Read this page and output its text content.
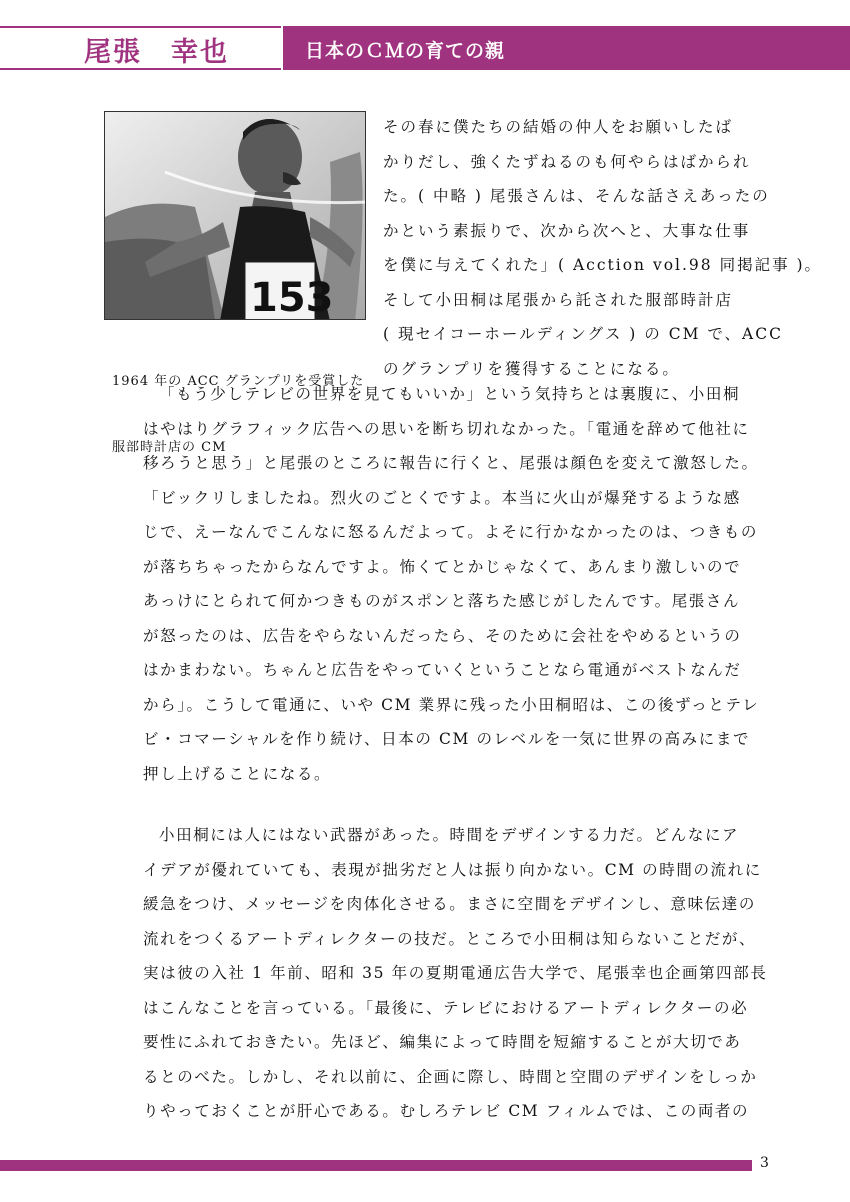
尾張　幸也	日本のＣＭの育ての親
153

1964 年の ACC グランプリを受賞した

服部時計店の CM

その春に僕たちの結婚の仲人をお願いしたば
かりだし、強くたずねるのも何やらはばかられ
た。( 中略 ) 尾張さんは、そんな話さえあったの
かという素振りで、次から次へと、大事な仕事
を僕に与えてくれた」( Acction vol.98 同掲記事 )。
そして小田桐は尾張から託された服部時計店
( 現セイコーホールディングス ) の CM で、ACC
のグランプリを獲得することになる。
「もう少しテレビの世界を見てもいいか」という気持ちとは裏腹に、小田桐
はやはりグラフィック広告への思いを断ち切れなかった。「電通を辞めて他社に
移ろうと思う」と尾張のところに報告に行くと、尾張は顔色を変えて激怒した。
「ビックリしましたね。烈火のごとくですよ。本当に火山が爆発するような感
じで、えーなんでこんなに怒るんだよって。よそに行かなかったのは、つきもの
が落ちちゃったからなんですよ。怖くてとかじゃなくて、あんまり激しいので
あっけにとられて何かつきものがスポンと落ちた感じがしたんです。尾張さん
が怒ったのは、広告をやらないんだったら、そのために会社をやめるというの
はかまわない。ちゃんと広告をやっていくということなら電通がベストなんだ
から」。こうして電通に、いや CM 業界に残った小田桐昭は、この後ずっとテレ
ビ・コマーシャルを作り続け、日本の CM のレベルを一気に世界の高みにまで
押し上げることになる。
小田桐には人にはない武器があった。時間をデザインする力だ。どんなにア
イデアが優れていても、表現が拙劣だと人は振り向かない。CM の時間の流れに
緩急をつけ、メッセージを肉体化させる。まさに空間をデザインし、意味伝達の
流れをつくるアートディレクターの技だ。ところで小田桐は知らないことだが、
実は彼の入社 1 年前、昭和 35 年の夏期電通広告大学で、尾張幸也企画第四部長
はこんなことを言っている。「最後に、テレビにおけるアートディレクターの必
要性にふれておきたい。先ほど、編集によって時間を短縮することが大切であ
るとのべた。しかし、それ以前に、企画に際し、時間と空間のデザインをしっか
りやっておくことが肝心である。むしろテレビ CM フィルムでは、この両者の
3
